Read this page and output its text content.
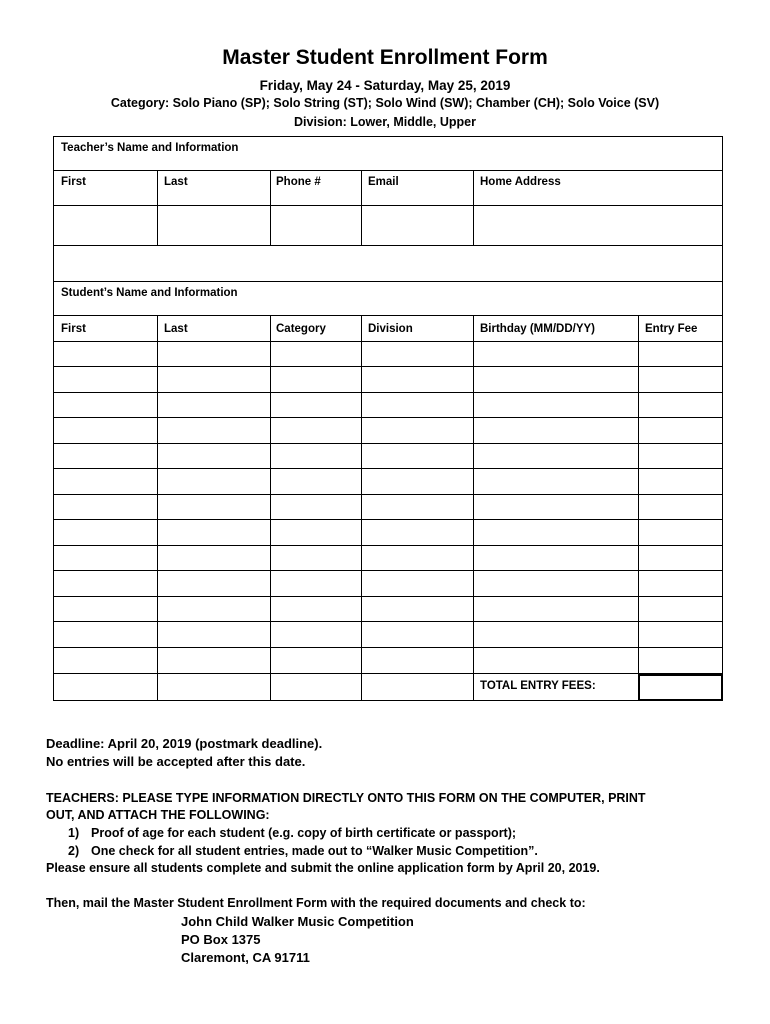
Master Student Enrollment Form
Friday, May 24 - Saturday, May 25, 2019
Category: Solo Piano (SP); Solo String (ST); Solo Wind (SW); Chamber (CH); Solo Voice (SV)
Division: Lower, Middle, Upper
Teacher’s Name and Information
First	Last	Phone #	Email	Home Address
Student’s Name and Information
First	Last	Category	Division	Birthday (MM/DD/YY)	Entry Fee
TOTAL ENTRY FEES:
Deadline: April 20, 2019 (postmark deadline).
No entries will be accepted after this date.
TEACHERS: PLEASE TYPE INFORMATION DIRECTLY ONTO THIS FORM ON THE COMPUTER, PRINT
OUT, AND ATTACH THE FOLLOWING:
1) Proof of age for each student (e.g. copy of birth certificate or passport);
2) One check for all student entries, made out to “Walker Music Competition”.
Please ensure all students complete and submit the online application form by April 20, 2019.
Then, mail the Master Student Enrollment Form with the required documents and check to:
John Child Walker Music Competition
PO Box 1375
Claremont, CA 91711
